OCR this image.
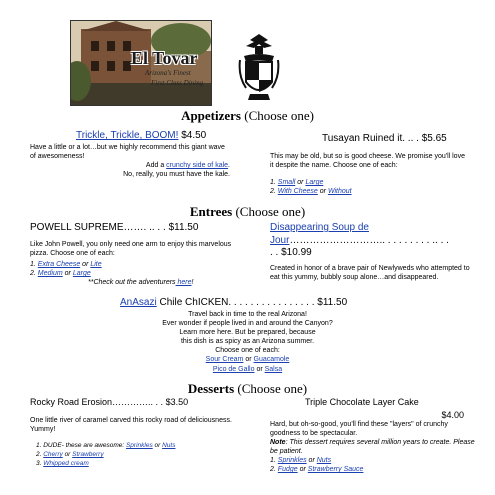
El Tovar
Arizona's Finest
First Class Dining
Appetizers (Choose one)
Trickle, Trickle, BOOM! $4.50
Have a little or a lot…but we highly recommend this giant wave of awesomeness!
Add a crunchy side of kale.
No, really, you must have the kale.
Tusayan Ruined it. .. . $5.65
This may be old, but so is good cheese. We promise you'll love it despite the name. Choose one of each:
1. Small or Large
2. With Cheese or Without
Entrees (Choose one)
POWELL SUPREME……. .. . . $11.50
Like John Powell, you only need one arm to enjoy this marvelous pizza. Choose one of each:
1. Extra Cheese or Lite
2. Medium or Large
**Check out the adventurers here!
Disappearing Soup de
Jour……………………….. . . . . . . . . .. . .
. . $10.99
Created in honor of a brave pair of Newlyweds who attempted to eat this yummy, bubbly soup alone…and disappeared.
AnAsazi Chile ChICKEN. . . . . . . . . . . . . . . . $11.50
Travel back in time to the real Arizona!
Ever wonder if people lived in and around the Canyon?
Learn more here. But be prepared, because
this dish is as spicy as an Arizona summer.
Choose one of each:
Sour Cream or Guacamole
Pico de Gallo or Salsa
Desserts (Choose one)
Rocky Road Erosion………….. . . $3.50
One little river of caramel carved this rocky road of deliciousness. Yummy!
1. DUDE- these are awesome: Sprinkles or Nuts
2. Cherry or Strawberry
3. Whipped cream
Triple Chocolate Layer Cake
$4.00
Hard, but oh-so-good, you'll find these "layers" of crunchy goodness to be spectacular.
Note: This dessert requires several million years to create. Please be patient.
1. Sprinkles or Nuts
2. Fudge or Strawberry Sauce
